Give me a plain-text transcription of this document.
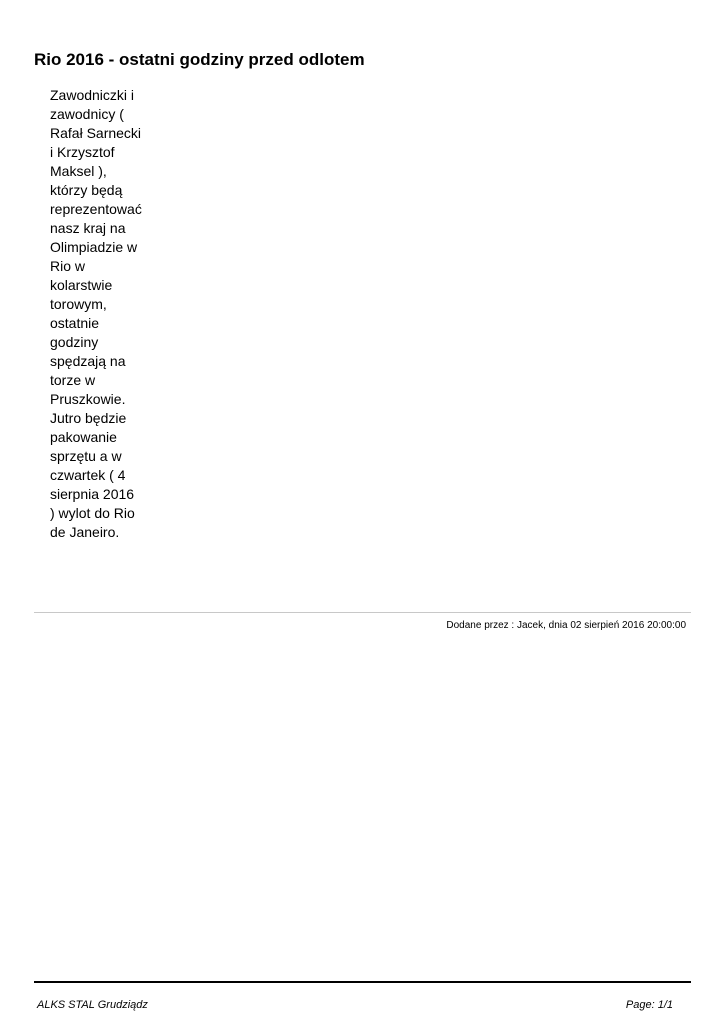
Rio 2016 - ostatni godziny przed odlotem
Zawodniczki i
zawodnicy (
Rafał Sarnecki
i Krzysztof
Maksel ),
którzy będą
reprezentować
nasz kraj na
Olimpiadzie w
Rio w
kolarstwie
torowym,
ostatnie
godziny
spędzają na
torze w
Pruszkowie.
Jutro będzie
pakowanie
sprzętu a w
czwartek ( 4
sierpnia 2016
) wylot do Rio
de Janeiro.
Dodane przez : Jacek, dnia 02 sierpień 2016 20:00:00
ALKS STAL Grudziądz	Page: 1/1
